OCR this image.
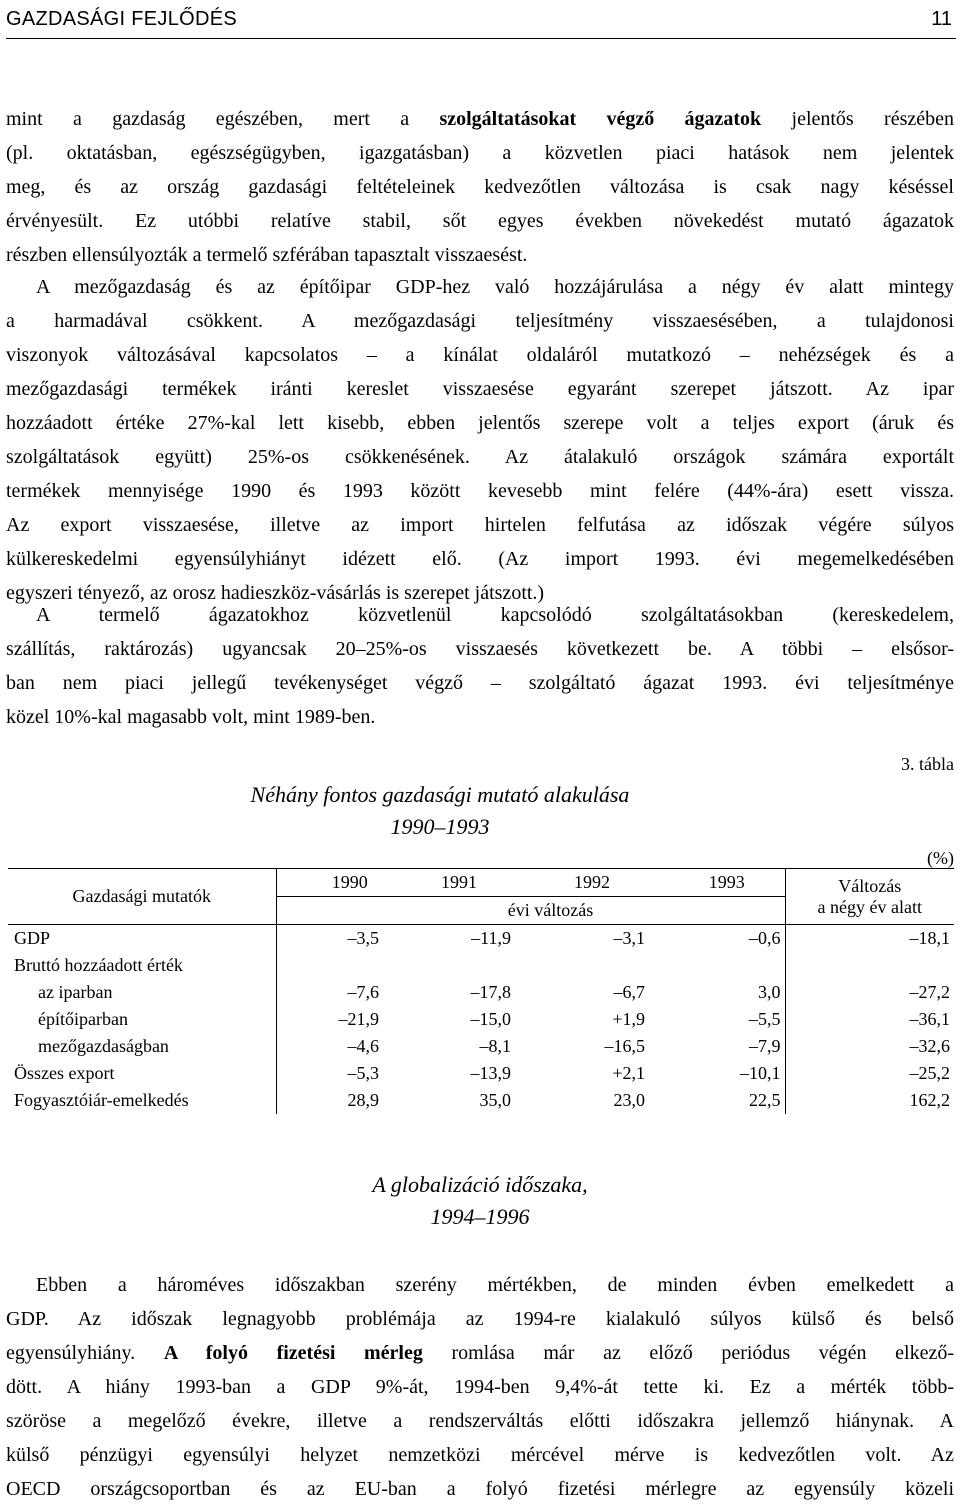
GAZDASÁGI FEJLŐDÉS	11
mint a gazdaság egészében, mert a szolgáltatásokat végző ágazatok jelentős részében
(pl. oktatásban, egészségügyben, igazgatásban) a közvetlen piaci hatások nem jelentek
meg, és az ország gazdasági feltételeinek kedvezőtlen változása is csak nagy késéssel
érvényesült. Ez utóbbi relatíve stabil, sőt egyes években növekedést mutató ágazatok
részben ellensúlyozták a termelő szférában tapasztalt visszaesést.
A mezőgazdaság és az építőipar GDP-hez való hozzájárulása a négy év alatt mintegy
a harmadával csökkent. A mezőgazdasági teljesítmény visszaesésében, a tulajdonosi
viszonyok változásával kapcsolatos – a kínálat oldaláról mutatkozó – nehézségek és a
mezőgazdasági termékek iránti kereslet visszaesése egyaránt szerepet játszott. Az ipar
hozzáadott értéke 27%-kal lett kisebb, ebben jelentős szerepe volt a teljes export (áruk és
szolgáltatások együtt) 25%-os csökkenésének. Az átalakuló országok számára exportált
termékek mennyisége 1990 és 1993 között kevesebb mint felére (44%-ára) esett vissza.
Az export visszaesése, illetve az import hirtelen felfutása az időszak végére súlyos
külkereskedelmi egyensúlyhiányt idézett elő. (Az import 1993. évi megemelkedésében
egyszeri tényező, az orosz hadieszköz-vásárlás is szerepet játszott.)
A termelő ágazatokhoz közvetlenül kapcsolódó szolgáltatásokban (kereskedelem,
szállítás, raktározás) ugyancsak 20–25%-os visszaesés következett be. A többi – elsősor-
ban nem piaci jellegű tevékenységet végző – szolgáltató ágazat 1993. évi teljesítménye
közel 10%-kal magasabb volt, mint 1989-ben.
3. tábla
Néhány fontos gazdasági mutató alakulása
1990–1993
(%)
Gazdasági mutatók	1990	1991	1992	1993	Változás
	évi változás				a négy év alatt
GDP	–3,5	–11,9	–3,1	–0,6	–18,1
Bruttó hozzáadott érték					
az iparban	–7,6	–17,8	–6,7	3,0	–27,2
építőiparban	–21,9	–15,0	+1,9	–5,5	–36,1
mezőgazdaságban	–4,6	–8,1	–16,5	–7,9	–32,6
Összes export	–5,3	–13,9	+2,1	–10,1	–25,2
Fogyasztóiár-emelkedés	28,9	35,0	23,0	22,5	162,2
A globalizáció időszaka,
1994–1996
Ebben a hároméves időszakban szerény mértékben, de minden évben emelkedett a
GDP. Az időszak legnagyobb problémája az 1994-re kialakuló súlyos külső és belső
egyensúlyhiány. A folyó fizetési mérleg romlása már az előző periódus végén elkező-
dött. A hiány 1993-ban a GDP 9%-át, 1994-ben 9,4%-át tette ki. Ez a mérték több-
szöröse a megelőző évekre, illetve a rendszerváltás előtti időszakra jellemző hiánynak. A
külső pénzügyi egyensúlyi helyzet nemzetközi mércével mérve is kedvezőtlen volt. Az
OECD országcsoportban és az EU-ban a folyó fizetési mérlegre az egyensúly közeli
